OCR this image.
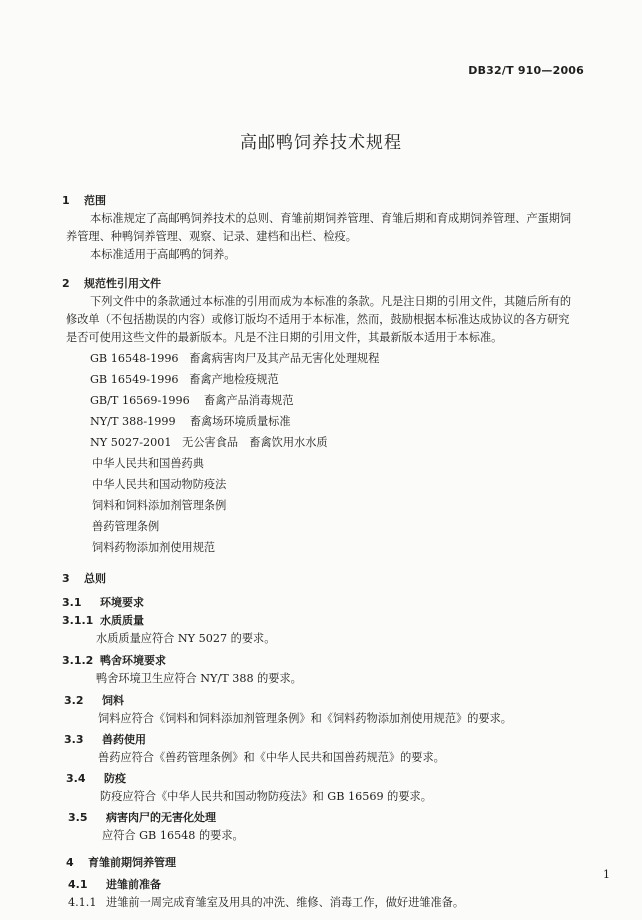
DB32/T 910—2006
高邮鸭饲养技术规程
1 范围
本标准规定了高邮鸭饲养技术的总则、育雏前期饲养管理、育雏后期和育成期饲养管理、产蛋期饲
养管理、种鸭饲养管理、观察、记录、建档和出栏、检疫。
本标准适用于高邮鸭的饲养。
2 规范性引用文件
下列文件中的条款通过本标准的引用而成为本标准的条款。凡是注日期的引用文件，其随后所有的
修改单（不包括勘误的内容）或修订版均不适用于本标准，然而，鼓励根据本标准达成协议的各方研究
是否可使用这些文件的最新版本。凡是不注日期的引用文件，其最新版本适用于本标准。
GB 16548-1996 畜禽病害肉尸及其产品无害化处理规程
GB 16549-1996 畜禽产地检疫规范
GB/T 16569-1996 畜禽产品消毒规范
NY/T 388-1999 畜禽场环境质量标准
NY 5027-2001 无公害食品　畜禽饮用水水质
中华人民共和国兽药典
中华人民共和国动物防疫法
饲料和饲料添加剂管理条例
兽药管理条例
饲料药物添加剂使用规范
3 总则
3.1 环境要求
3.1.1 水质质量
水质质量应符合 NY 5027 的要求。
3.1.2 鸭舍环境要求
鸭舍环境卫生应符合 NY/T 388 的要求。
3.2 饲料
饲料应符合《饲料和饲料添加剂管理条例》和《饲料药物添加剂使用规范》的要求。
3.3 兽药使用
兽药应符合《兽药管理条例》和《中华人民共和国兽药规范》的要求。
3.4 防疫
防疫应符合《中华人民共和国动物防疫法》和 GB 16569 的要求。
3.5 病害肉尸的无害化处理
应符合 GB 16548 的要求。
4 育雏前期饲养管理
4.1 进雏前准备
4.1.1 进雏前一周完成育雏室及用具的冲洗、维修、消毒工作，做好进雏准备。
1
